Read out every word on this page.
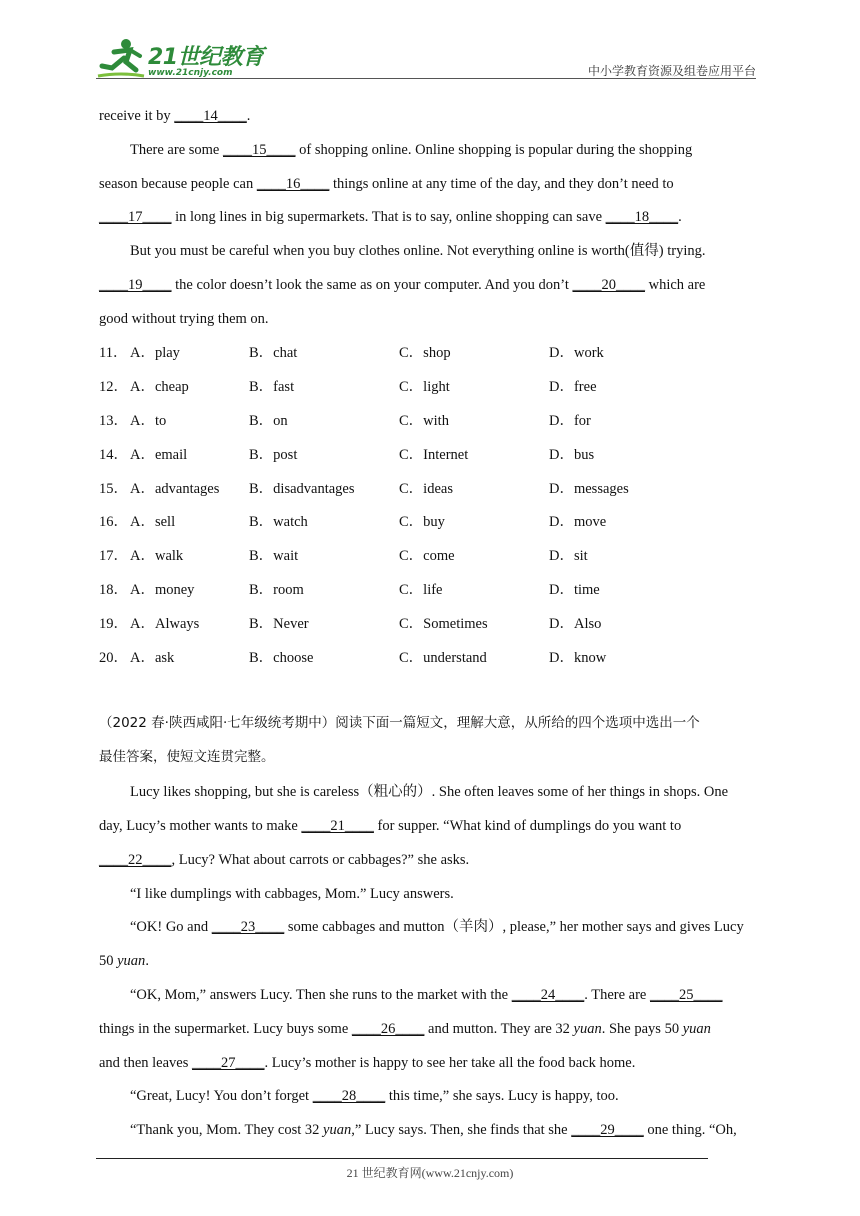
21世纪教育
www.21cnjy.com	中小学教育资源及组卷应用平台
receive it by ____14____.
There are some ____15____ of shopping online. Online shopping is popular during the shopping
season because people can ____16____ things online at any time of the day, and they don’t need to
____17____ in long lines in big supermarkets. That is to say, online shopping can save ____18____.
But you must be careful when you buy clothes online. Not everything online is worth(值得) trying.
____19____ the color doesn’t look the same as on your computer. And you don’t ____20____ which are
good without trying them on.
11． A．play	B．chat	C．shop	D．work
12． A．cheap	B．fast	C．light	D．free
13． A．to	B．on	C．with	D．for
14． A．email	B．post	C．Internet	D．bus
15． A．advantages B．disadvantages	C．ideas	D．messages
16． A．sell	B．watch	C．buy	D．move
17． A．walk	B．wait	C．come	D．sit
18． A．money	B．room	C．life	D．time
19． A．Always	B．Never	C．Sometimes	D．Also
20． A．ask	B．choose	C．understand	D．know
（2022 春·陕西咸阳·七年级统考期中）阅读下面一篇短文，理解大意，从所给的四个选项中选出一个
最佳答案，使短文连贯完整。
Lucy likes shopping, but she is careless（粗心的）. She often leaves some of her things in shops. One
day, Lucy’s mother wants to make ____21____ for supper. “What kind of dumplings do you want to
____22____, Lucy? What about carrots or cabbages?” she asks.
“I like dumplings with cabbages, Mom.” Lucy answers.
“OK! Go and ____23____ some cabbages and mutton（羊肉）, please,” her mother says and gives Lucy
50 yuan.
“OK, Mom,” answers Lucy. Then she runs to the market with the ____24____. There are ____25____
things in the supermarket. Lucy buys some ____26____ and mutton. They are 32 yuan. She pays 50 yuan
and then leaves ____27____. Lucy’s mother is happy to see her take all the food back home.
“Great, Lucy! You don’t forget ____28____ this time,” she says. Lucy is happy, too.
“Thank you, Mom. They cost 32 yuan,” Lucy says. Then, she finds that she ____29____ one thing. “Oh,
21 世纪教育网(www.21cnjy.com)
